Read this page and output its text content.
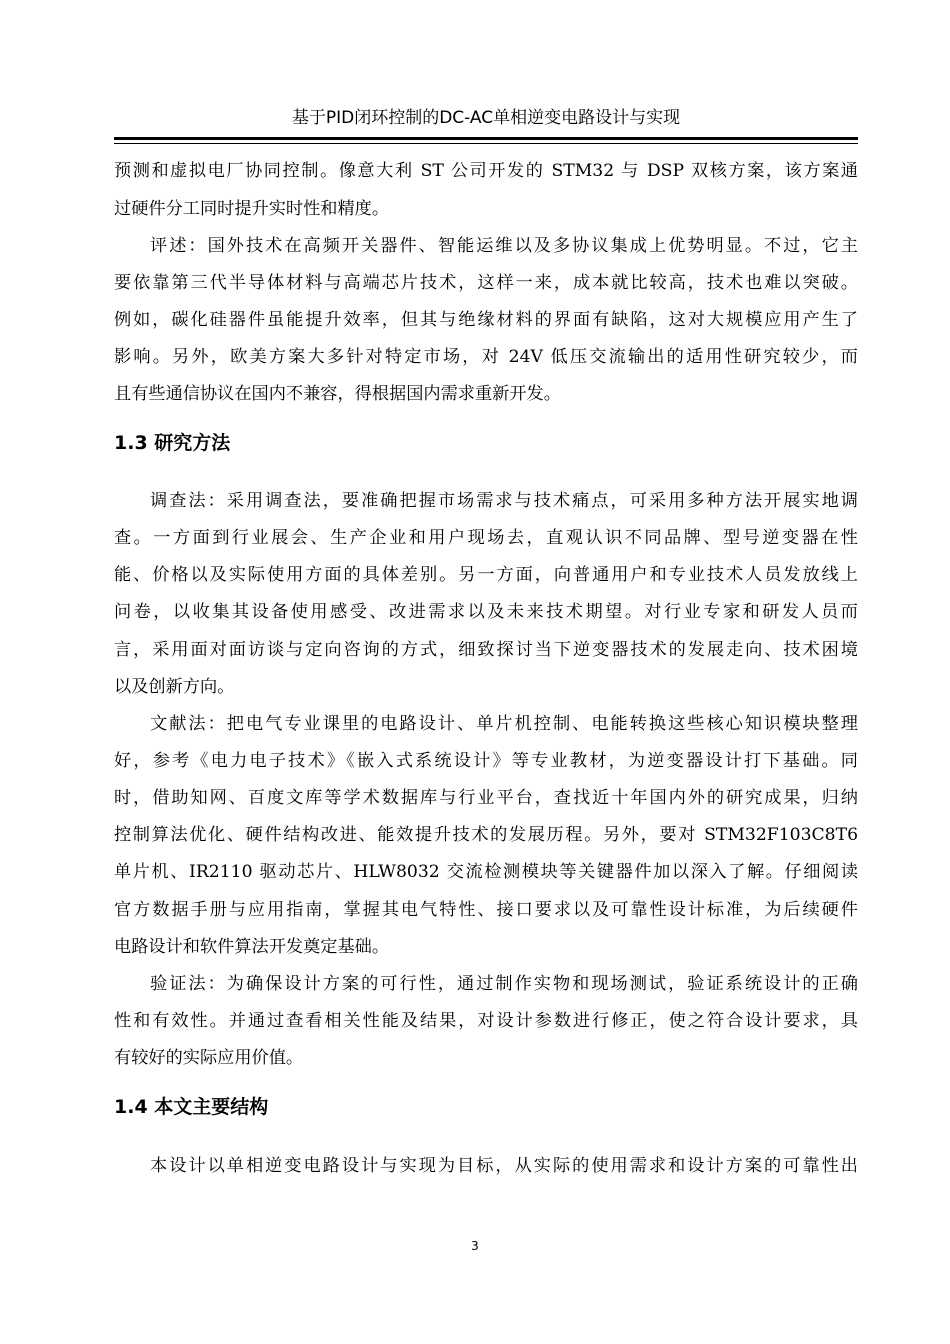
基于PID闭环控制的DC-AC单相逆变电路设计与实现
预测和虚拟电厂协同控制。像意大利 ST 公司开发的 STM32 与 DSP 双核方案，该方案通
过硬件分工同时提升实时性和精度。
评述：国外技术在高频开关器件、智能运维以及多协议集成上优势明显。不过，它主
要依靠第三代半导体材料与高端芯片技术，这样一来，成本就比较高，技术也难以突破。
例如，碳化硅器件虽能提升效率，但其与绝缘材料的界面有缺陷，这对大规模应用产生了
影响。另外，欧美方案大多针对特定市场，对 24V 低压交流输出的适用性研究较少，而
且有些通信协议在国内不兼容，得根据国内需求重新开发。
1.3 研究方法
调查法：采用调查法，要准确把握市场需求与技术痛点，可采用多种方法开展实地调
查。一方面到行业展会、生产企业和用户现场去，直观认识不同品牌、型号逆变器在性
能、价格以及实际使用方面的具体差别。另一方面，向普通用户和专业技术人员发放线上
问卷，以收集其设备使用感受、改进需求以及未来技术期望。对行业专家和研发人员而
言，采用面对面访谈与定向咨询的方式，细致探讨当下逆变器技术的发展走向、技术困境
以及创新方向。
文献法：把电气专业课里的电路设计、单片机控制、电能转换这些核心知识模块整理
好，参考《电力电子技术》《嵌入式系统设计》等专业教材，为逆变器设计打下基础。同
时，借助知网、百度文库等学术数据库与行业平台，查找近十年国内外的研究成果，归纳
控制算法优化、硬件结构改进、能效提升技术的发展历程。另外，要对 STM32F103C8T6
单片机、IR2110 驱动芯片、HLW8032 交流检测模块等关键器件加以深入了解。仔细阅读
官方数据手册与应用指南，掌握其电气特性、接口要求以及可靠性设计标准，为后续硬件
电路设计和软件算法开发奠定基础。
验证法：为确保设计方案的可行性，通过制作实物和现场测试，验证系统设计的正确
性和有效性。并通过查看相关性能及结果，对设计参数进行修正，使之符合设计要求，具
有较好的实际应用价值。
1.4 本文主要结构
本设计以单相逆变电路设计与实现为目标，从实际的使用需求和设计方案的可靠性出
3
